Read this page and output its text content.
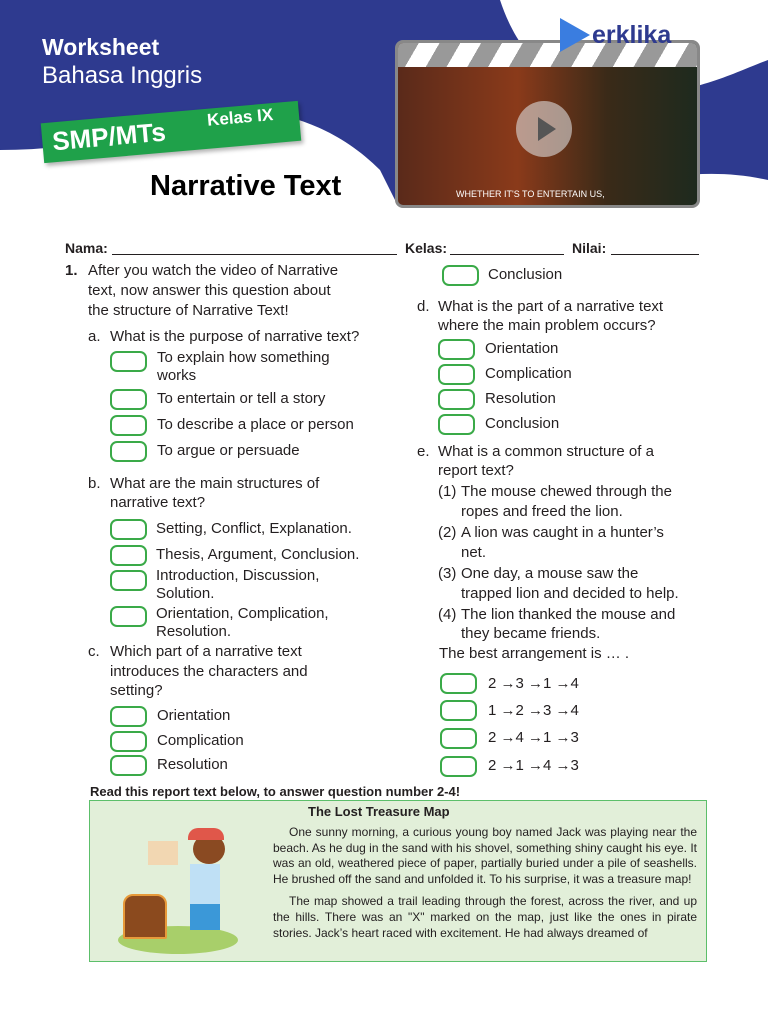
Worksheet
Bahasa Inggris
SMP/MTs Kelas IX
Narrative Text	WHETHER IT'S TO ENTERTAIN US,
erklika
Nama:	Kelas:	Nilai:
1. After you watch the video of Narrative
text, now answer this question about
the structure of Narrative Text!
a. What is the purpose of narrative text?
To explain how something
works
To entertain or tell a story
To describe a place or person
To argue or persuade
b. What are the main structures of
narrative text?
Setting, Conflict, Explanation.
Thesis, Argument, Conclusion.
Introduction, Discussion,
Solution.
Orientation, Complication,
Resolution.
c. Which part of a narrative text
introduces the characters and
setting?
Orientation
Complication
Resolution
Conclusion
d. What is the part of a narrative text
where the main problem occurs?
Orientation
Complication
Resolution
Conclusion
e. What is a common structure of a
report text?
(1) The mouse chewed through the
ropes and freed the lion.
(2) A lion was caught in a hunter’s
net.
(3) One day, a mouse saw the
trapped lion and decided to help.
(4) The lion thanked the mouse and
they became friends.
The best arrangement is … .
2 →3 →1 →4
1 →2 →3 →4
2 →4 →1 →3
2 →1 →4 →3
Read this report text below, to answer question number 2-4!
The Lost Treasure Map

One sunny morning, a curious young boy named Jack was playing near the beach. As he dug in the sand with his shovel, something shiny caught his eye. It was an old, weathered piece of paper, partially buried under a pile of seashells. He brushed off the sand and unfolded it. To his surprise, it was a treasure map!

The map showed a trail leading through the forest, across the river, and up the hills. There was an "X" marked on the map, just like the ones in pirate stories. Jack’s heart raced with excitement. He had always dreamed of
